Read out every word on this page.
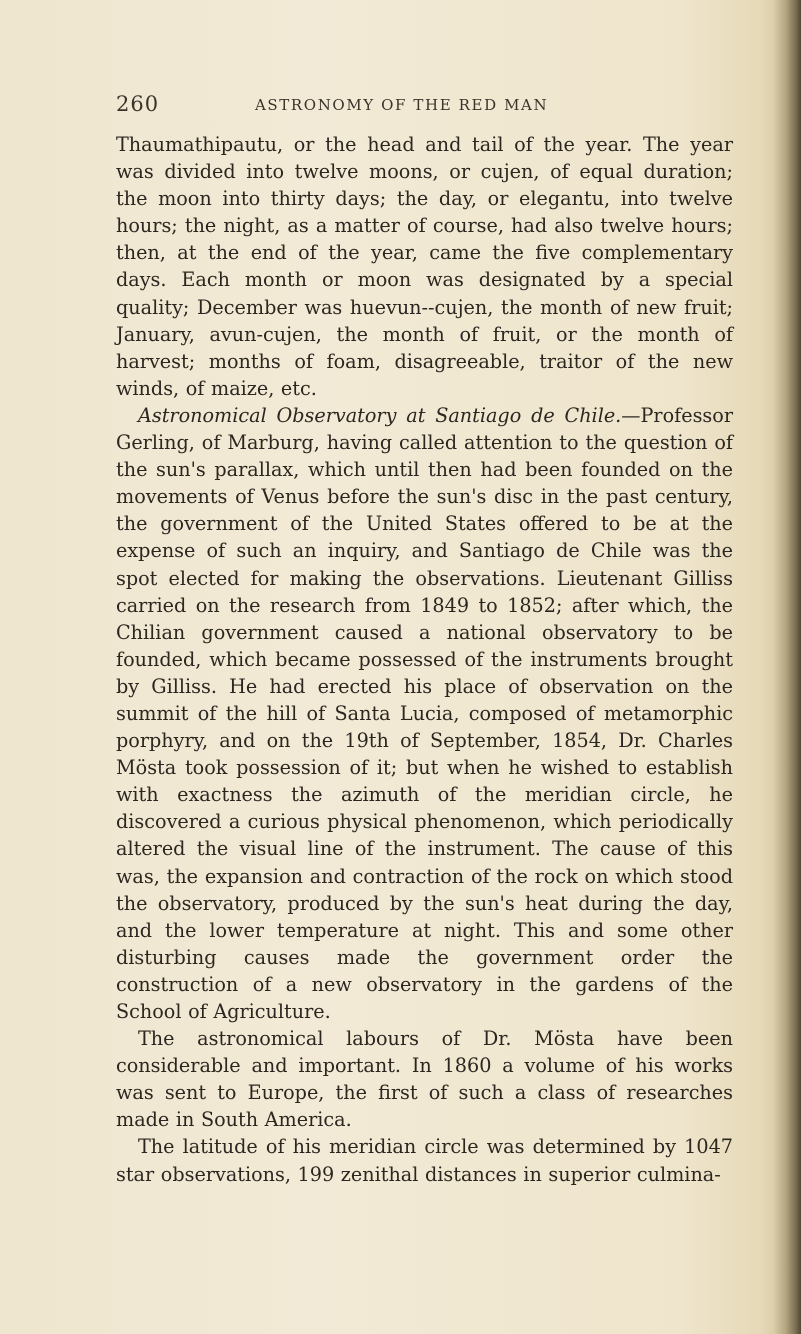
260	ASTRONOMY OF THE RED MAN

Thaumathipautu, or the head and tail of the year. The year was divided into twelve moons, or cujen, of equal duration; the moon into thirty days; the day, or elegantu, into twelve hours; the night, as a matter of course, had also twelve hours; then, at the end of the year, came the five complementary days. Each month or moon was designated by a special quality; December was huevun--cujen, the month of new fruit; January, avun-cujen, the month of fruit, or the month of harvest; months of foam, disagreeable, traitor of the new winds, of maize, etc.

Astronomical Observatory at Santiago de Chile.—Professor Gerling, of Marburg, having called attention to the question of the sun's parallax, which until then had been founded on the movements of Venus before the sun's disc in the past century, the government of the United States offered to be at the expense of such an inquiry, and Santiago de Chile was the spot elected for making the observations. Lieutenant Gilliss carried on the research from 1849 to 1852; after which, the Chilian government caused a national observatory to be founded, which became possessed of the instruments brought by Gilliss. He had erected his place of observation on the summit of the hill of Santa Lucia, composed of metamorphic porphyry, and on the 19th of September, 1854, Dr. Charles Mösta took possession of it; but when he wished to establish with exactness the azimuth of the meridian circle, he discovered a curious physical phenomenon, which periodically altered the visual line of the instrument. The cause of this was, the expansion and contraction of the rock on which stood the observatory, produced by the sun's heat during the day, and the lower temperature at night. This and some other disturbing causes made the government order the construction of a new observatory in the gardens of the School of Agriculture.

The astronomical labours of Dr. Mösta have been considerable and important. In 1860 a volume of his works was sent to Europe, the first of such a class of researches made in South America.

The latitude of his meridian circle was determined by 1047 star observations, 199 zenithal distances in superior culmina-
